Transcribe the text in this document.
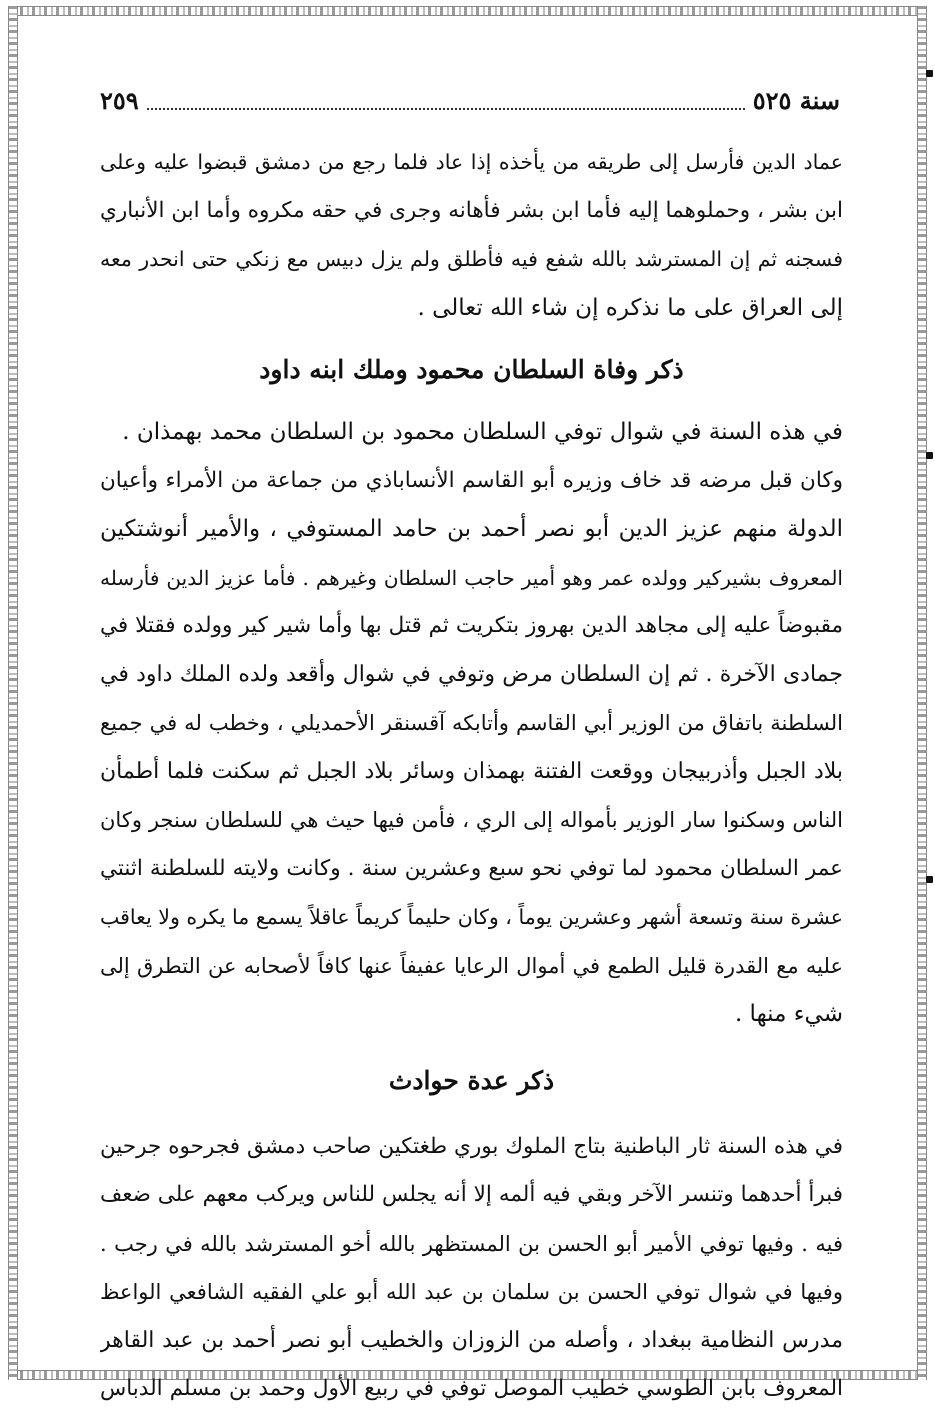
سنة ٥٢٥
٢٥٩
عماد الدين فأرسل إلى طريقه من يأخذه إذا عاد فلما رجع من دمشق قبضوا عليه وعلى
ابن بشر ، وحملوهما إليه فأما ابن بشر فأهانه وجرى في حقه مكروه وأما ابن الأنباري
فسجنه ثم إن المسترشد بالله شفع فيه فأطلق ولم يزل دبيس مع زنكي حتى انحدر معه
إلى العراق على ما نذكره إن شاء الله تعالى .
ذكر وفاة السلطان محمود وملك ابنه داود
في هذه السنة في شوال توفي السلطان محمود بن السلطان محمد بهمذان .
وكان قبل مرضه قد خاف وزيره أبو القاسم الأنساباذي من جماعة من الأمراء وأعيان
الدولة منهم عزيز الدين أبو نصر أحمد بن حامد المستوفي ، والأمير أنوشتكين
المعروف بشيركير وولده عمر وهو أمير حاجب السلطان وغيرهم . فأما عزيز الدين فأرسله
مقبوضاً عليه إلى مجاهد الدين بهروز بتكريت ثم قتل بها وأما شير كير وولده فقتلا في
جمادى الآخرة . ثم إن السلطان مرض وتوفي في شوال وأقعد ولده الملك داود في
السلطنة باتفاق من الوزير أبي القاسم وأتابكه آقسنقر الأحمديلي ، وخطب له في جميع
بلاد الجبل وأذربيجان ووقعت الفتنة بهمذان وسائر بلاد الجبل ثم سكنت فلما أطمأن
الناس وسكنوا سار الوزير بأمواله إلى الري ، فأمن فيها حيث هي للسلطان سنجر وكان
عمر السلطان محمود لما توفي نحو سبع وعشرين سنة . وكانت ولايته للسلطنة اثنتي
عشرة سنة وتسعة أشهر وعشرين يوماً ، وكان حليماً كريماً عاقلاً يسمع ما يكره ولا يعاقب
عليه مع القدرة قليل الطمع في أموال الرعايا عفيفاً عنها كافاً لأصحابه عن التطرق إلى
شيء منها .
ذكر عدة حوادث
في هذه السنة ثار الباطنية بتاج الملوك بوري طغتكين صاحب دمشق فجرحوه جرحين
فبرأ أحدهما وتنسر الآخر وبقي فيه ألمه إلا أنه يجلس للناس ويركب معهم على ضعف
فيه . وفيها توفي الأمير أبو الحسن بن المستظهر بالله أخو المسترشد بالله في رجب .
وفيها في شوال توفي الحسن بن سلمان بن عبد الله أبو علي الفقيه الشافعي الواعظ
مدرس النظامية ببغداد ، وأصله من الزوزان والخطيب أبو نصر أحمد بن عبد القاهر
المعروف بابن الطوسي خطيب الموصل توفي في ربيع الأول وحمد بن مسلم الدباس
